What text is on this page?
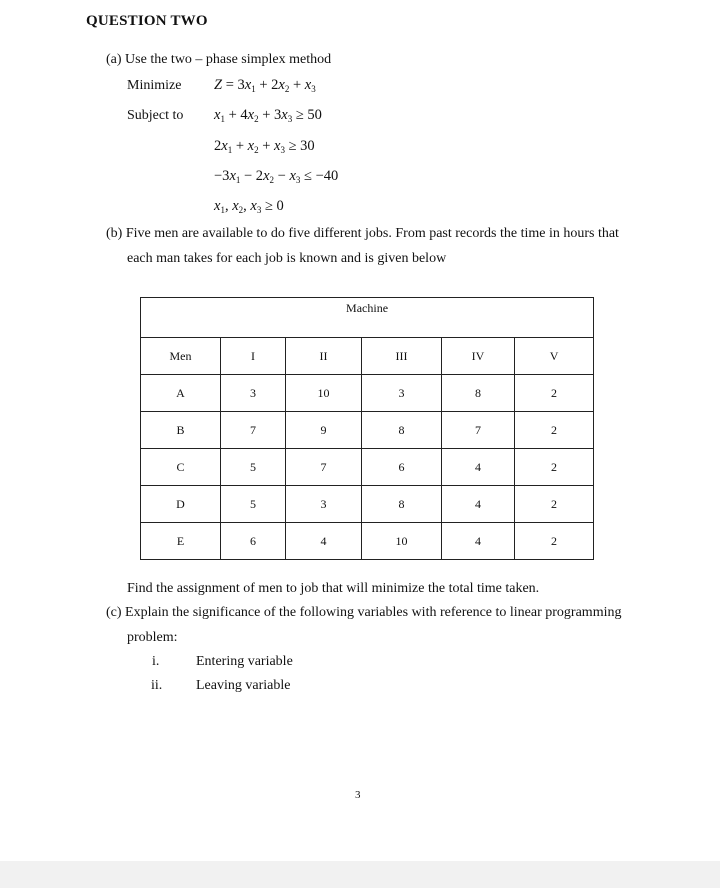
QUESTION TWO
(a) Use the two – phase simplex method
Minimize $Z = 3x_1 + 2x_2 + x_3$
Subject to $x_1 + 4x_2 + 3x_3 \ge 50$
$2x_1 + x_2 + x_3 \ge 30$
$-3x_1 - 2x_2 - x_3 \le -40$
$x_1$, $x_2$, $x_3 \ge 0$
(b) Five men are available to do five different jobs. From past records the time in hours that
each man takes for each job is known and is given below
Machine					
Men	I	II	III	IV	V
A	3	10	3	8	2
B	7	9	8	7	2
C	5	7	6	4	2
D	5	3	8	4	2
E	6	4	10	4	2
Find the assignment of men to job that will minimize the total time taken.
(c) Explain the significance of the following variables with reference to linear programming
problem:
i.	Entering variable
ii. Leaving variable
3
